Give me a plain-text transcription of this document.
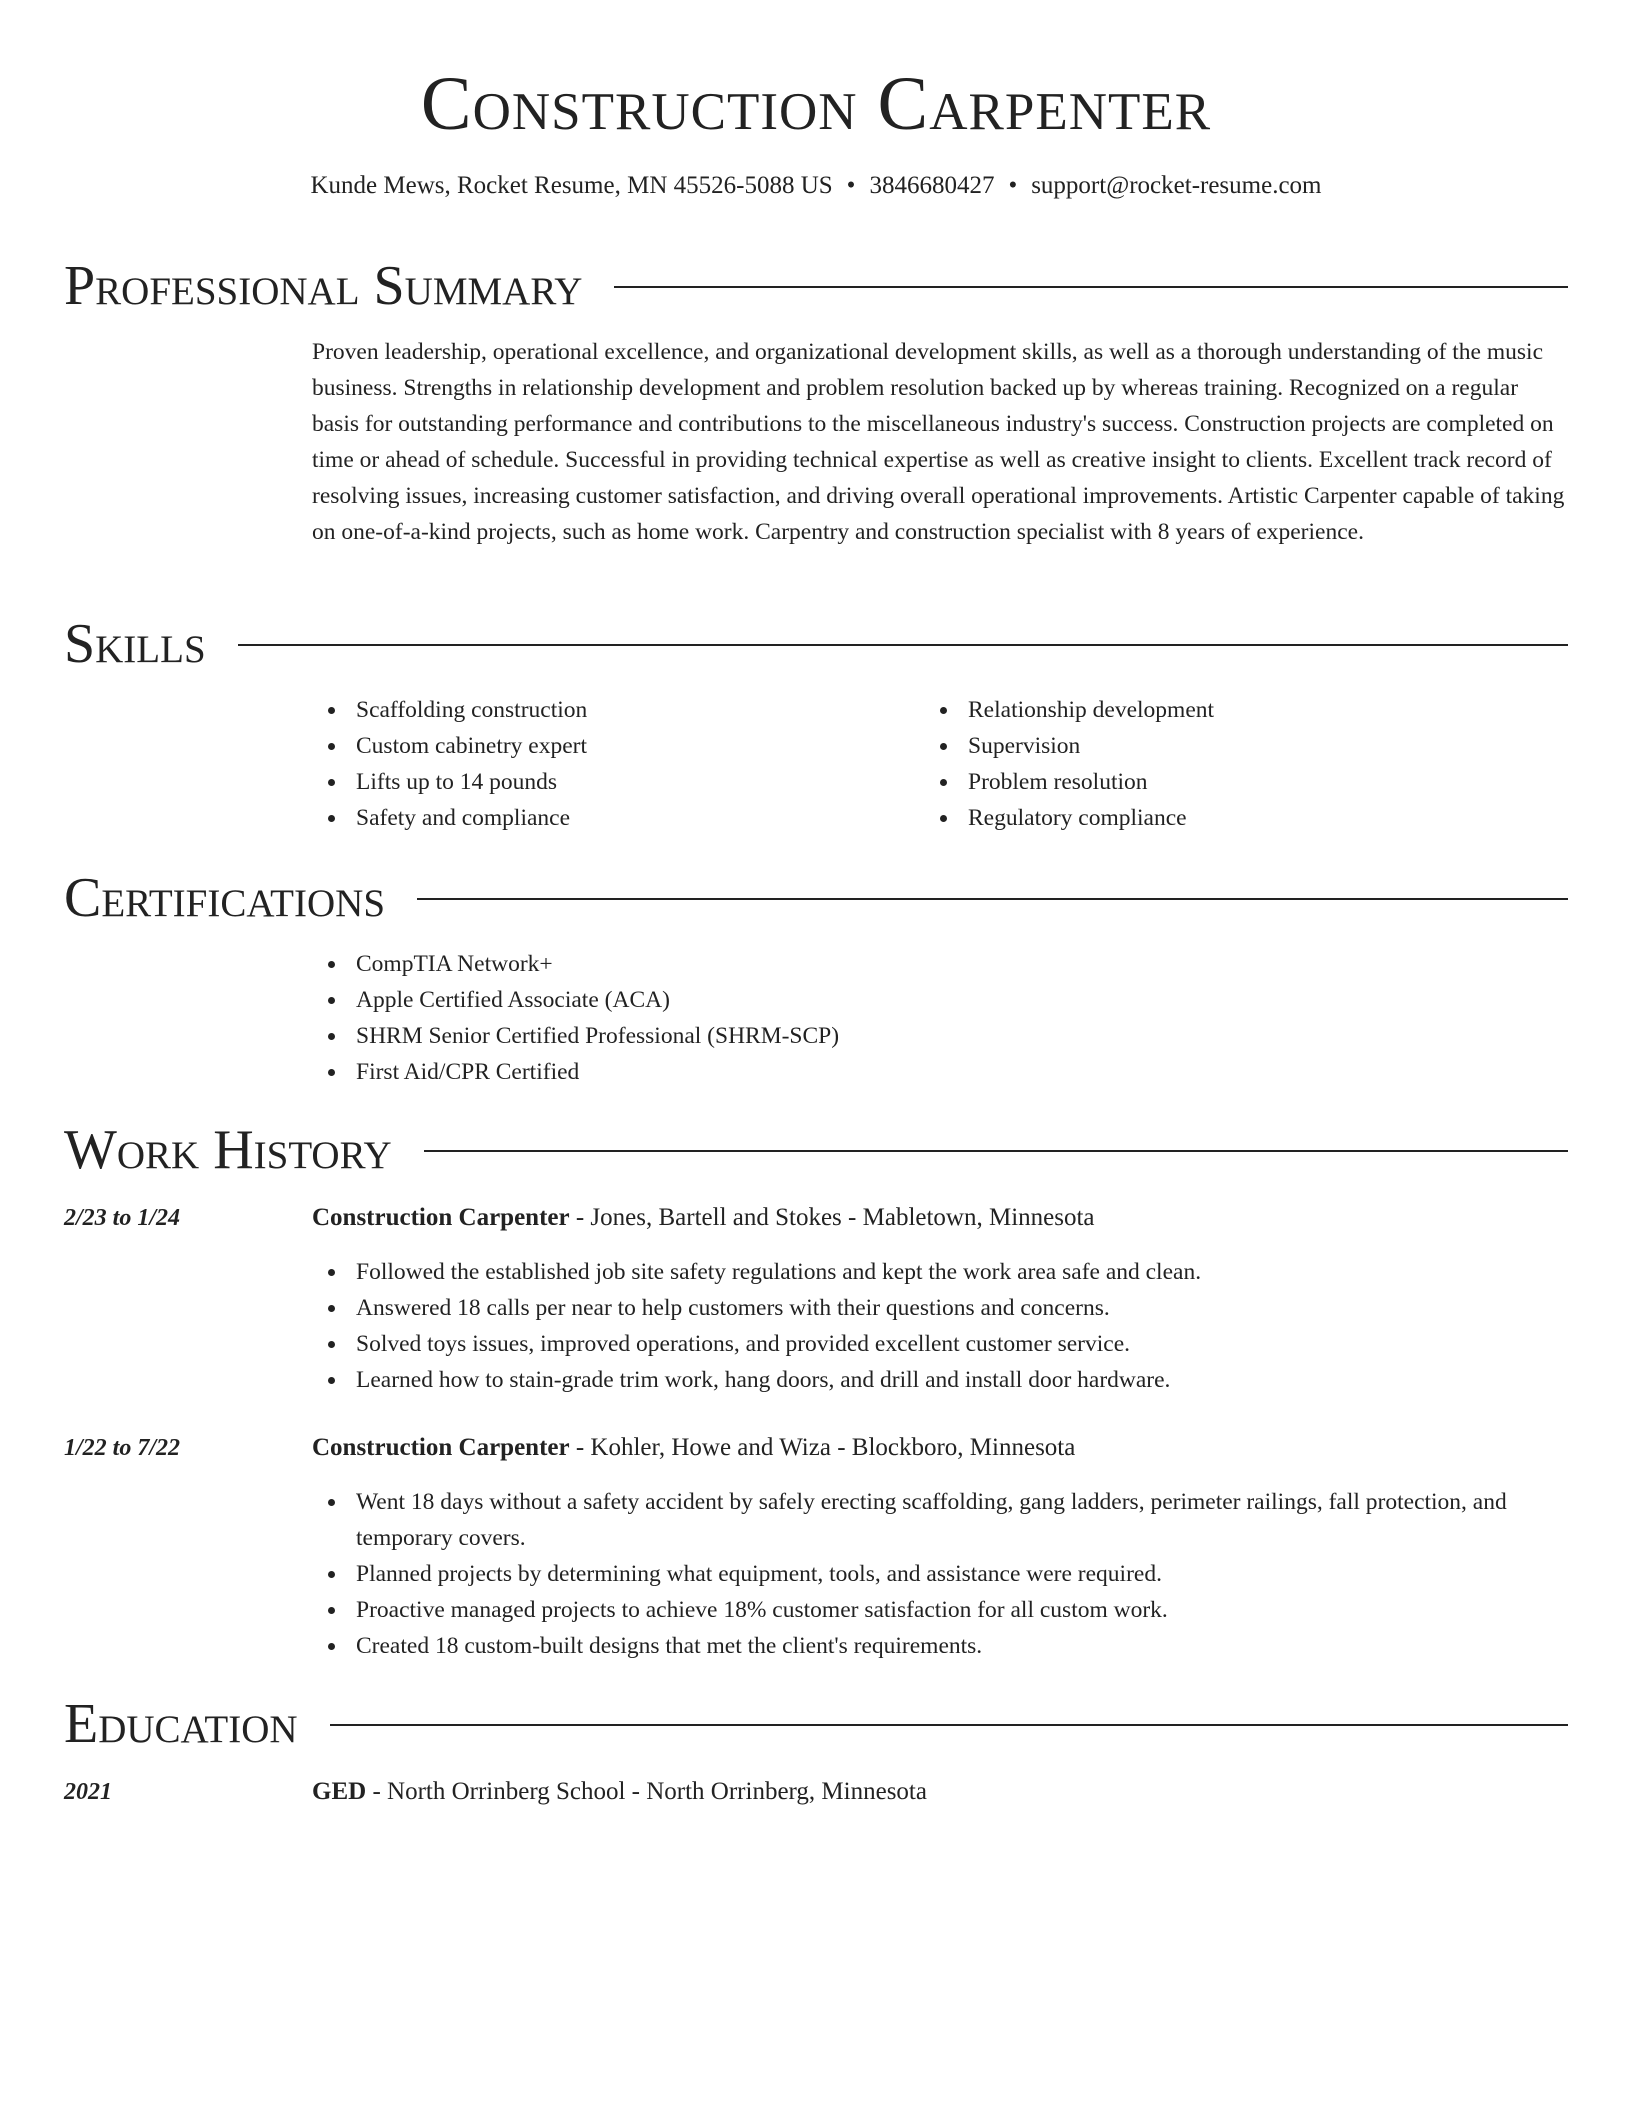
Construction Carpenter
Kunde Mews, Rocket Resume, MN 45526-5088 US • 3846680427 • support@rocket-resume.com
Professional Summary

Proven leadership, operational excellence, and organizational development skills, as well as a thorough understanding of the music business. Strengths in relationship development and problem resolution backed up by whereas training. Recognized on a regular basis for outstanding performance and contributions to the miscellaneous industry's success. Construction projects are completed on time or ahead of schedule. Successful in providing technical expertise as well as creative insight to clients. Excellent track record of resolving issues, increasing customer satisfaction, and driving overall operational improvements. Artistic Carpenter capable of taking on one-of-a-kind projects, such as home work. Carpentry and construction specialist with 8 years of experience.

Skills
Scaffolding construction
Custom cabinetry expert
Lifts up to 14 pounds
Safety and compliance
Relationship development
Supervision
Problem resolution
Regulatory compliance
Certifications
CompTIA Network+
Apple Certified Associate (ACA)
SHRM Senior Certified Professional (SHRM-SCP)
First Aid/CPR Certified
Work History
2/23 to 1/24	Construction Carpenter - Jones, Bartell and Stokes - Mabletown, Minnesota
Followed the established job site safety regulations and kept the work area safe and clean.
Answered 18 calls per near to help customers with their questions and concerns.
Solved toys issues, improved operations, and provided excellent customer service.
Learned how to stain-grade trim work, hang doors, and drill and install door hardware.
1/22 to 7/22	Construction Carpenter - Kohler, Howe and Wiza - Blockboro, Minnesota
Went 18 days without a safety accident by safely erecting scaffolding, gang ladders, perimeter railings, fall protection, and temporary covers.
Planned projects by determining what equipment, tools, and assistance were required.
Proactive managed projects to achieve 18% customer satisfaction for all custom work.
Created 18 custom-built designs that met the client's requirements.
Education
2021	GED - North Orrinberg School - North Orrinberg, Minnesota
